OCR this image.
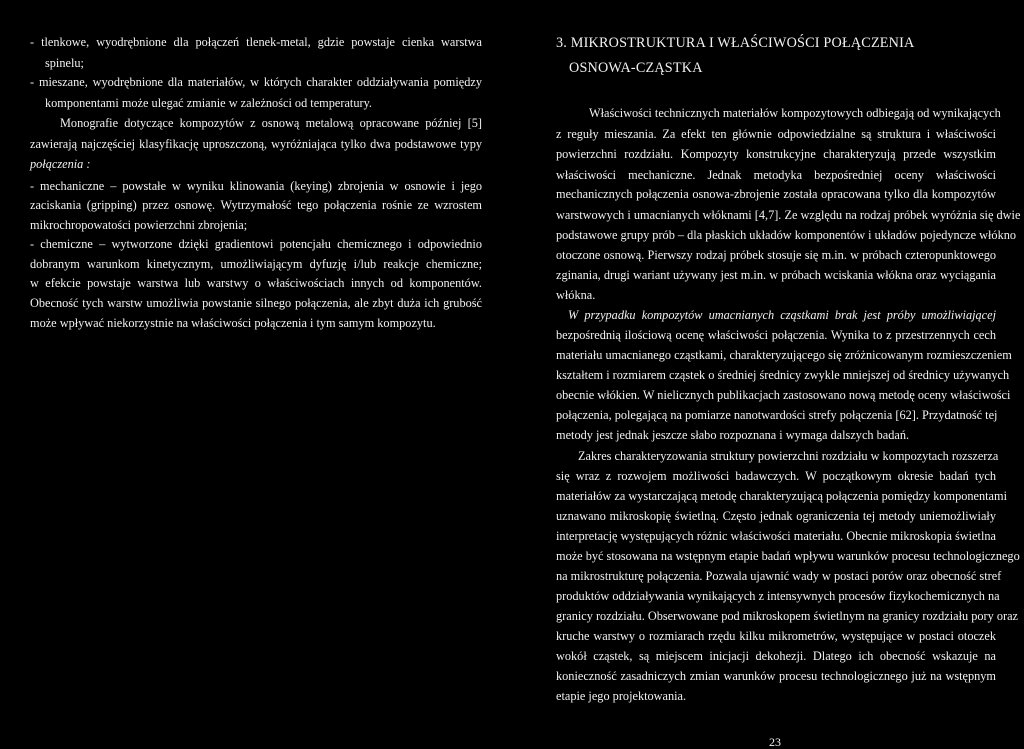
- tlenkowe, wyodrębnione dla połączeń tlenek-metal, gdzie powstaje cienka warstwa
spinelu;
- mieszane, wyodrębnione dla materiałów, w których charakter oddziaływania pomiędzy
komponentami może ulegać zmianie w zależności od temperatury.
Monografie dotyczące kompozytów z osnową metalową opracowane później [5]
zawierają najczęściej klasyfikację uproszczoną, wyróżniająca tylko dwa podstawowe typy
połączenia :
- mechaniczne – powstałe w wyniku klinowania (keying) zbrojenia w osnowie i jego
zaciskania (gripping) przez osnowę. Wytrzymałość tego połączenia rośnie ze wzrostem
mikrochropowatości powierzchni zbrojenia;
- chemiczne – wytworzone dzięki gradientowi potencjału chemicznego i odpowiednio
dobranym warunkom kinetycznym, umożliwiającym dyfuzję i/lub reakcje chemiczne;
w efekcie powstaje warstwa lub warstwy o właściwościach innych od komponentów.
Obecność tych warstw umożliwia powstanie silnego połączenia, ale zbyt duża ich grubość
może wpływać niekorzystnie na właściwości połączenia i tym samym kompozytu.
3. MIKROSTRUKTURA I WŁAŚCIWOŚCI POŁĄCZENIA
OSNOWA-CZĄSTKA
Właściwości technicznych materiałów kompozytowych odbiegają od wynikających
z reguły mieszania. Za efekt ten głównie odpowiedzialne są struktura i właściwości
powierzchni rozdziału. Kompozyty konstrukcyjne charakteryzują przede wszystkim
właściwości mechaniczne. Jednak metodyka bezpośredniej oceny właściwości
mechanicznych połączenia osnowa-zbrojenie została opracowana tylko dla kompozytów
warstwowych i umacnianych włóknami [4,7]. Ze względu na rodzaj próbek wyróżnia się dwie
podstawowe grupy prób – dla płaskich układów komponentów i układów pojedyncze włókno
otoczone osnową. Pierwszy rodzaj próbek stosuje się m.in. w próbach czteropunktowego
zginania, drugi wariant używany jest m.in. w próbach wciskania włókna oraz wyciągania
włókna.
W przypadku kompozytów umacnianych cząstkami brak jest próby umożliwiającej
bezpośrednią ilościową ocenę właściwości połączenia. Wynika to z przestrzennych cech
materiału umacnianego cząstkami, charakteryzującego się zróżnicowanym rozmieszczeniem
kształtem i rozmiarem cząstek o średniej średnicy zwykle mniejszej od średnicy używanych
obecnie włókien. W nielicznych publikacjach zastosowano nową metodę oceny właściwości
połączenia, polegającą na pomiarze nanotwardości strefy połączenia [62]. Przydatność tej
metody jest jednak jeszcze słabo rozpoznana i wymaga dalszych badań.
Zakres charakteryzowania struktury powierzchni rozdziału w kompozytach rozszerza
się wraz z rozwojem możliwości badawczych. W początkowym okresie badań tych
materiałów za wystarczającą metodę charakteryzującą połączenia pomiędzy komponentami
uznawano mikroskopię świetlną. Często jednak ograniczenia tej metody uniemożliwiały
interpretację występujących różnic właściwości materiału. Obecnie mikroskopia świetlna
może być stosowana na wstępnym etapie badań wpływu warunków procesu technologicznego
na mikrostrukturę połączenia. Pozwala ujawnić wady w postaci porów oraz obecność stref
produktów oddziaływania wynikających z intensywnych procesów fizykochemicznych na
granicy rozdziału. Obserwowane pod mikroskopem świetlnym na granicy rozdziału pory oraz
kruche warstwy o rozmiarach rzędu kilku mikrometrów, występujące w postaci otoczek
wokół cząstek, są miejscem inicjacji dekohezji. Dlatego ich obecność wskazuje na
konieczność zasadniczych zmian warunków procesu technologicznego już na wstępnym
etapie jego projektowania.
23
